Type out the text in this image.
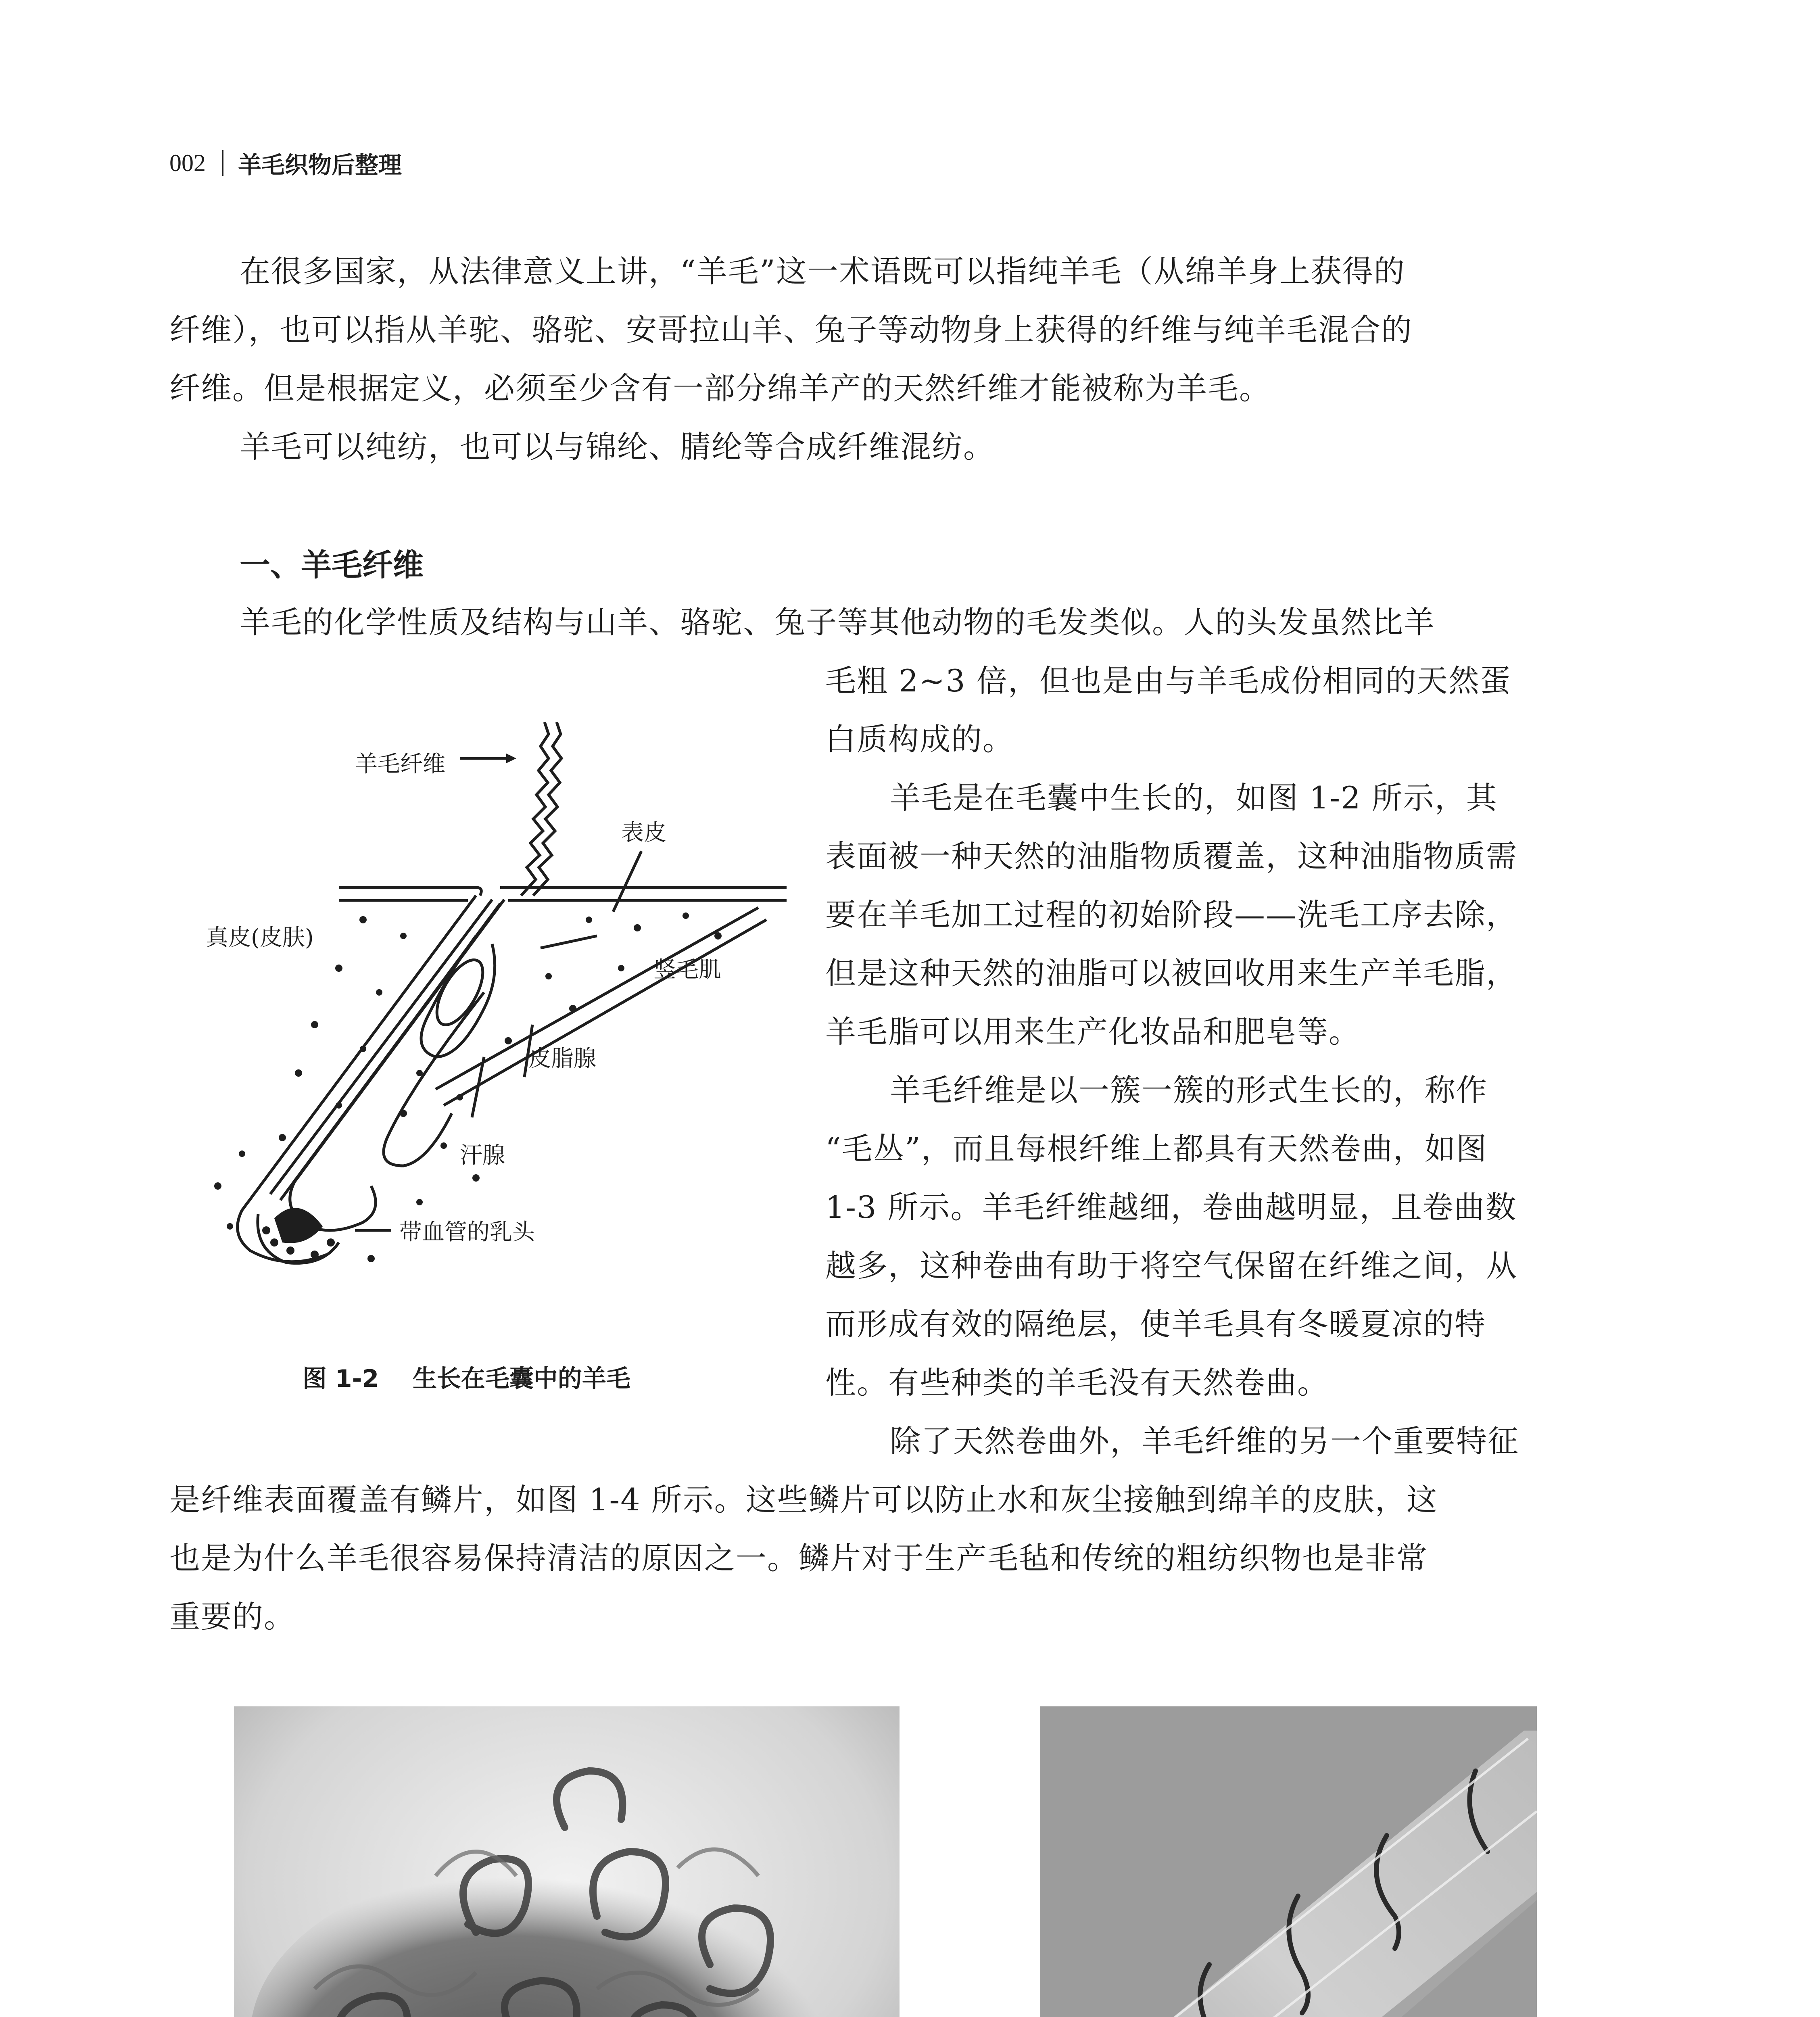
002 羊毛织物后整理
在很多国家，从法律意义上讲，“羊毛”这一术语既可以指纯羊毛（从绵羊身上获得的
纤维），也可以指从羊驼、骆驼、安哥拉山羊、兔子等动物身上获得的纤维与纯羊毛混合的
纤维。但是根据定义，必须至少含有一部分绵羊产的天然纤维才能被称为羊毛。
羊毛可以纯纺，也可以与锦纶、腈纶等合成纤维混纺。
一、羊毛纤维
羊毛的化学性质及结构与山羊、骆驼、兔子等其他动物的毛发类似。人的头发虽然比羊
毛粗 2~3 倍，但也是由与羊毛成份相同的天然蛋
白质构成的。
羊毛是在毛囊中生长的，如图 1-2 所示，其
表面被一种天然的油脂物质覆盖，这种油脂物质需
要在羊毛加工过程的初始阶段——洗毛工序去除，
但是这种天然的油脂可以被回收用来生产羊毛脂，
羊毛脂可以用来生产化妆品和肥皂等。
羊毛纤维是以一簇一簇的形式生长的，称作
“毛丛”，而且每根纤维上都具有天然卷曲，如图
1-3 所示。羊毛纤维越细，卷曲越明显，且卷曲数
越多，这种卷曲有助于将空气保留在纤维之间，从
而形成有效的隔绝层，使羊毛具有冬暖夏凉的特
性。有些种类的羊毛没有天然卷曲。
除了天然卷曲外，羊毛纤维的另一个重要特征
是纤维表面覆盖有鳞片，如图 1-4 所示。这些鳞片可以防止水和灰尘接触到绵羊的皮肤，这
也是为什么羊毛很容易保持清洁的原因之一。鳞片对于生产毛毡和传统的粗纺织物也是非常
重要的。
羊毛纤维
表皮
真皮(皮肤)
竖毛肌
皮脂腺
汗腺
带血管的乳头
图 1-2 生长在毛囊中的羊毛
